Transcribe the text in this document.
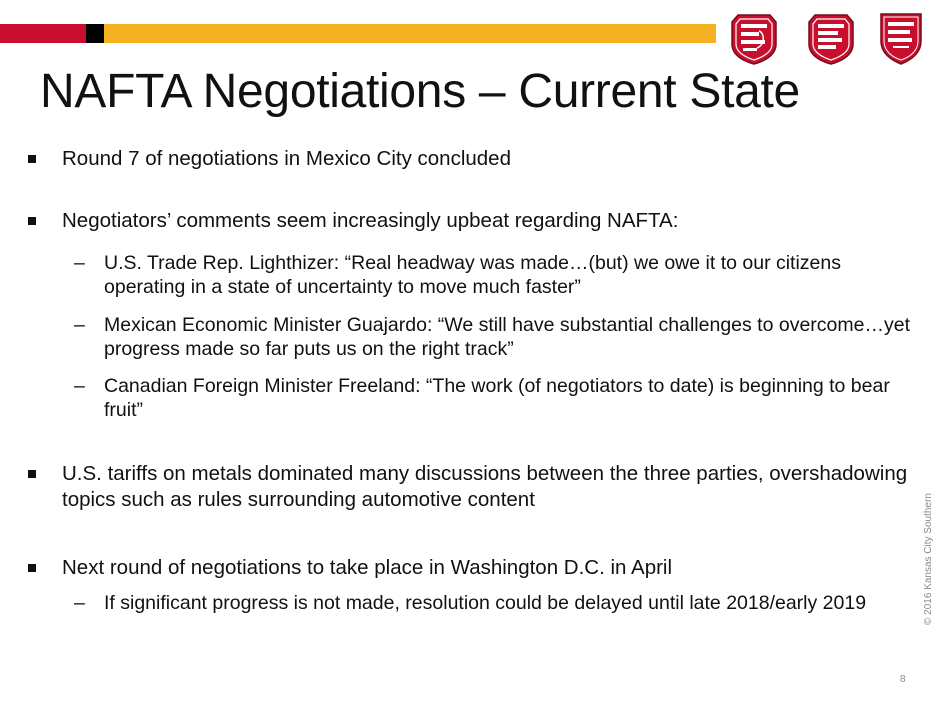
NAFTA Negotiations – Current State
Round 7 of negotiations in Mexico City concluded
Negotiators’ comments seem increasingly upbeat regarding NAFTA:
– U.S. Trade Rep. Lighthizer: “Real headway was made…(but) we owe it to our citizens operating in a state of uncertainty to move much faster”
– Mexican Economic Minister Guajardo: “We still have substantial challenges to overcome…yet progress made so far puts us on the right track”
– Canadian Foreign Minister Freeland: “The work (of negotiators to date) is beginning to bear fruit”
U.S. tariffs on metals dominated many discussions between the three parties, overshadowing topics such as rules surrounding automotive content
Next round of negotiations to take place in Washington D.C. in April
– If significant progress is not made, resolution could be delayed until late 2018/early 2019	© 2016 Kansas City Southern
8
